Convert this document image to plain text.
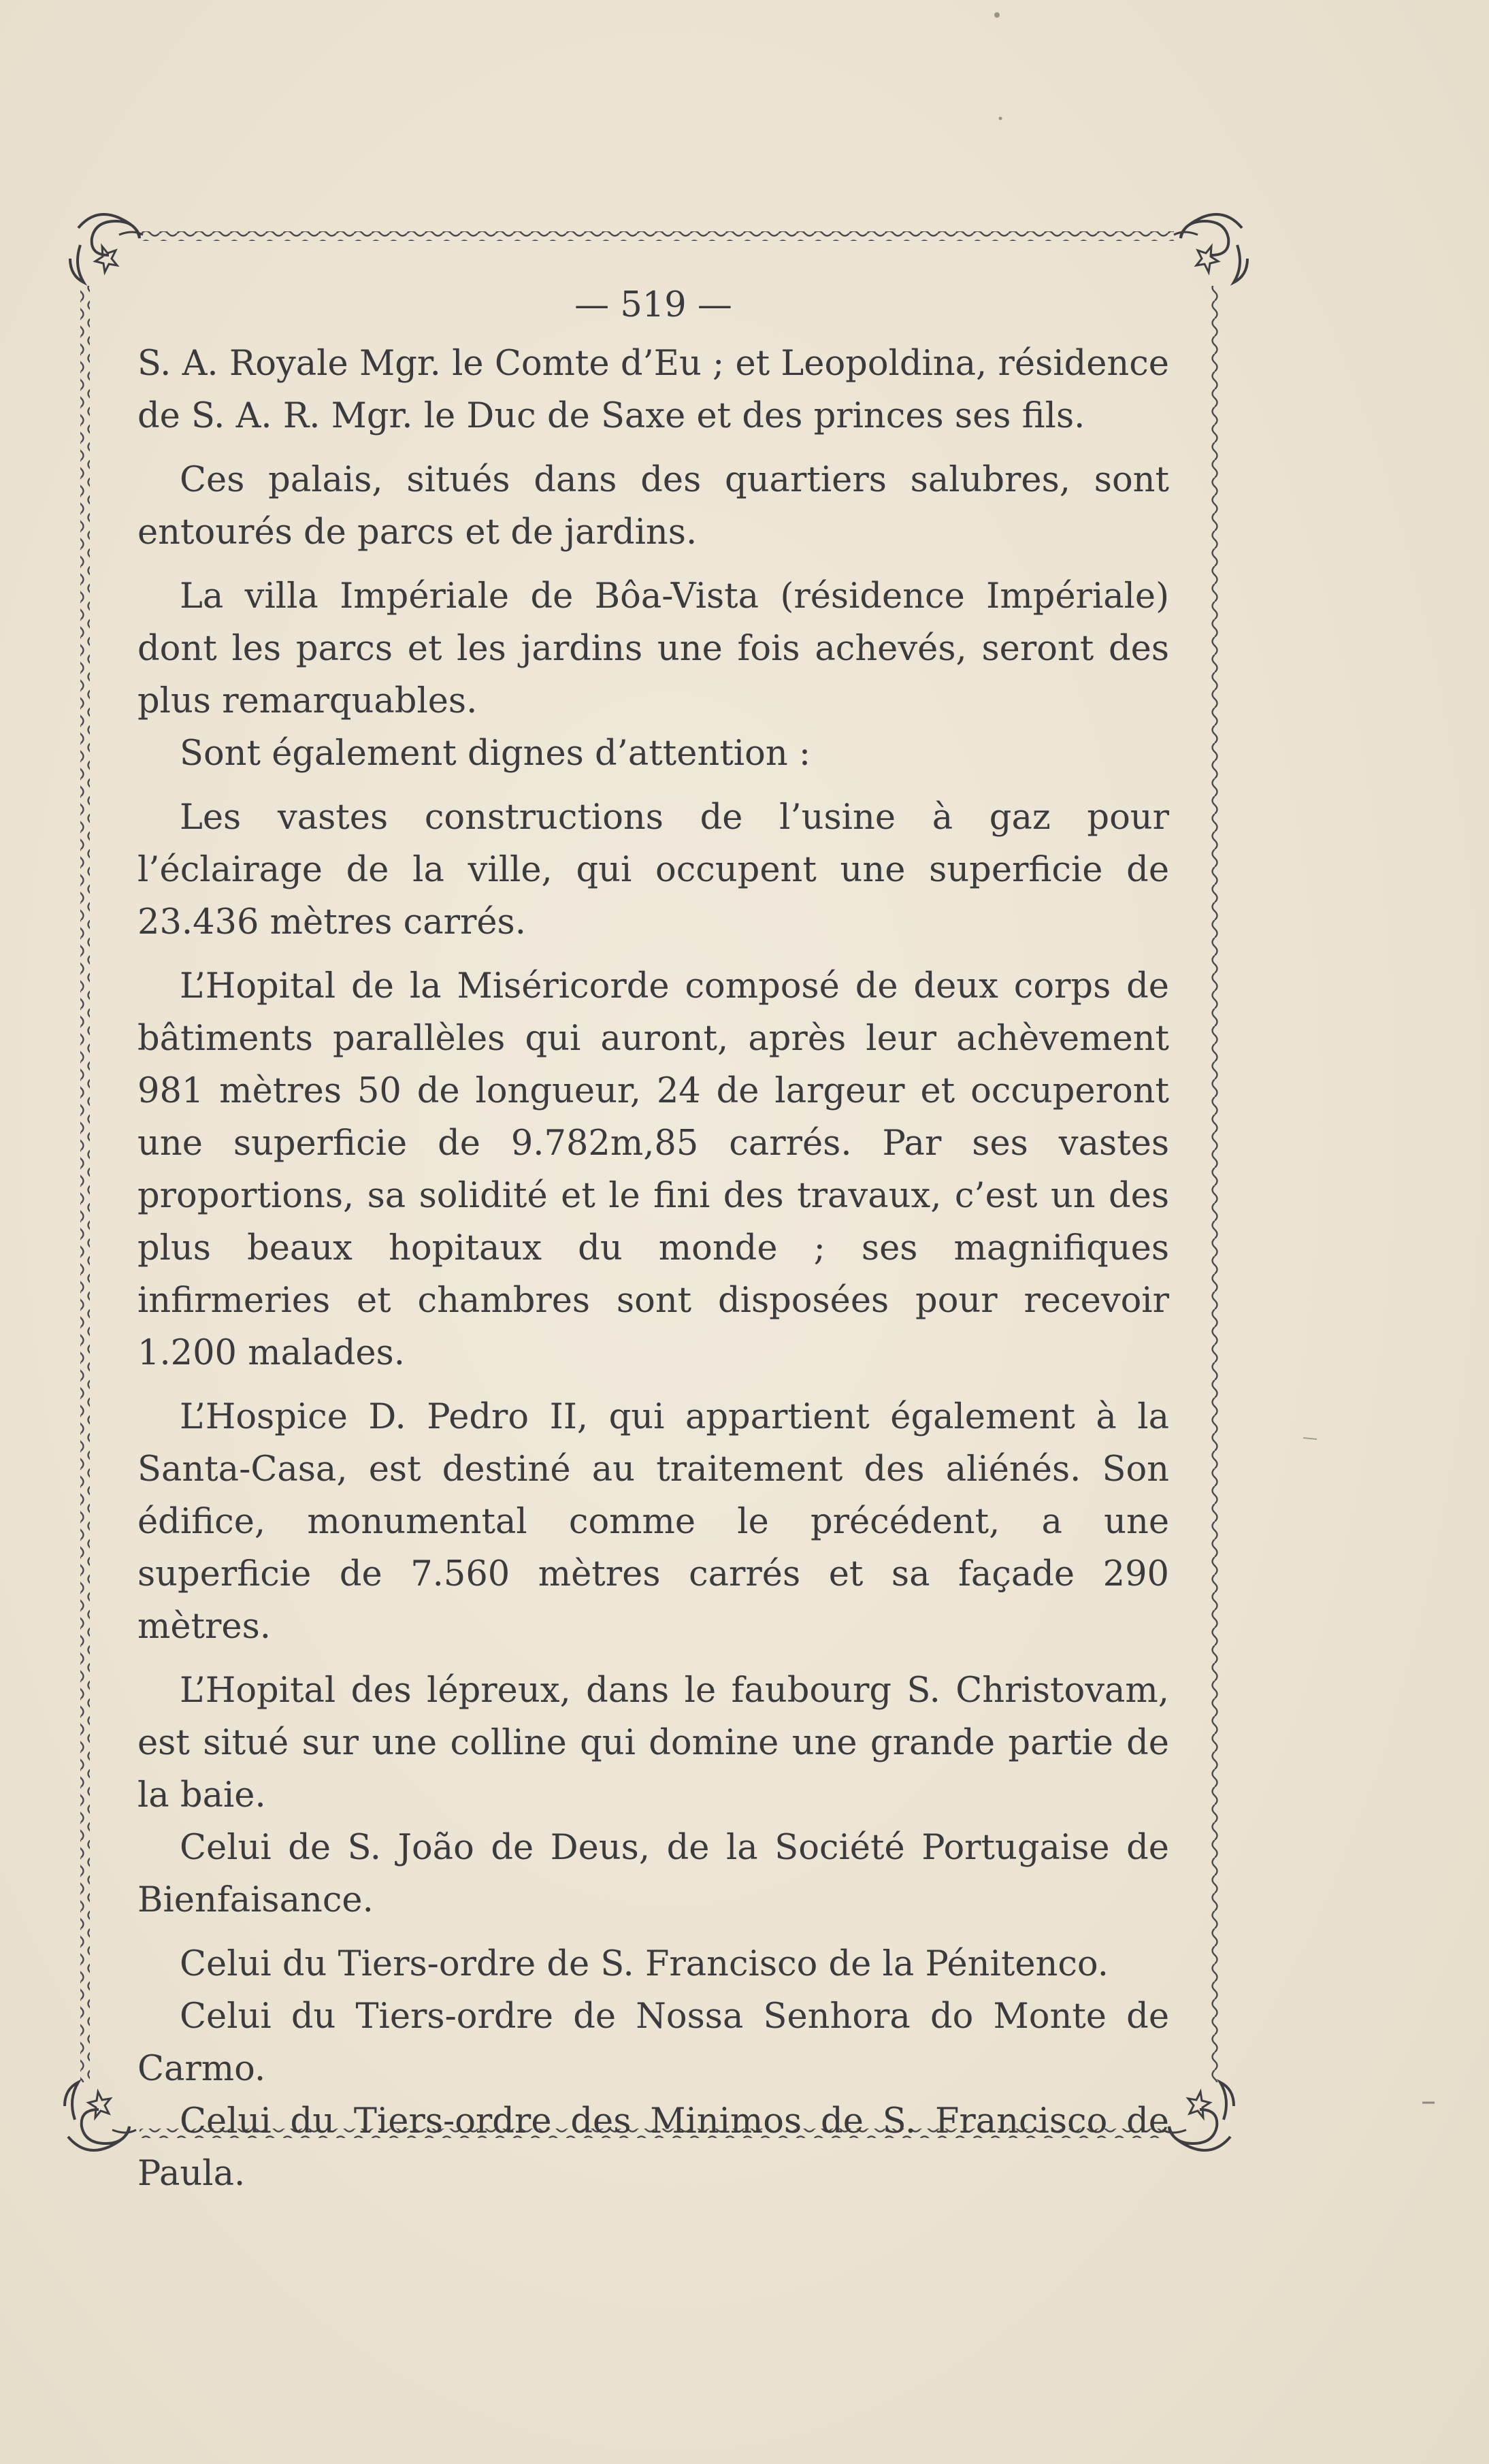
— 519 —

S. A. Royale Mgr. le Comte d’Eu ; et Leopoldina, résidence de S. A. R. Mgr. le Duc de Saxe et des princes ses fils.

Ces palais, situés dans des quartiers salubres, sont entourés de parcs et de jardins.

La villa Impériale de Bôa-Vista (résidence Impériale) dont les parcs et les jardins une fois achevés, seront des plus remarquables.

Sont également dignes d’attention :

Les vastes constructions de l’usine à gaz pour l’éclairage de la ville, qui occupent une superficie de 23.436 mètres carrés.

L’Hopital de la Miséricorde composé de deux corps de bâtiments parallèles qui auront, après leur achèvement 981 mètres 50 de longueur, 24 de largeur et occuperont une superficie de 9.782m,85 carrés. Par ses vastes proportions, sa solidité et le fini des travaux, c’est un des plus beaux hopitaux du monde ; ses magnifiques infirmeries et chambres sont disposées pour recevoir 1.200 malades.

L’Hospice D. Pedro II, qui appartient également à la Santa-Casa, est destiné au traitement des aliénés. Son édifice, monumental comme le précédent, a une superficie de 7.560 mètres carrés et sa façade 290 mètres.

L’Hopital des lépreux, dans le faubourg S. Christovam, est situé sur une colline qui domine une grande partie de la baie.

Celui de S. João de Deus, de la Société Portugaise de Bienfaisance.

Celui du Tiers-ordre de S. Francisco de la Pénitenco.

Celui du Tiers-ordre de Nossa Senhora do Monte de Carmo.

Celui du Tiers-ordre des Minimos de S. Francisco de Paula.
